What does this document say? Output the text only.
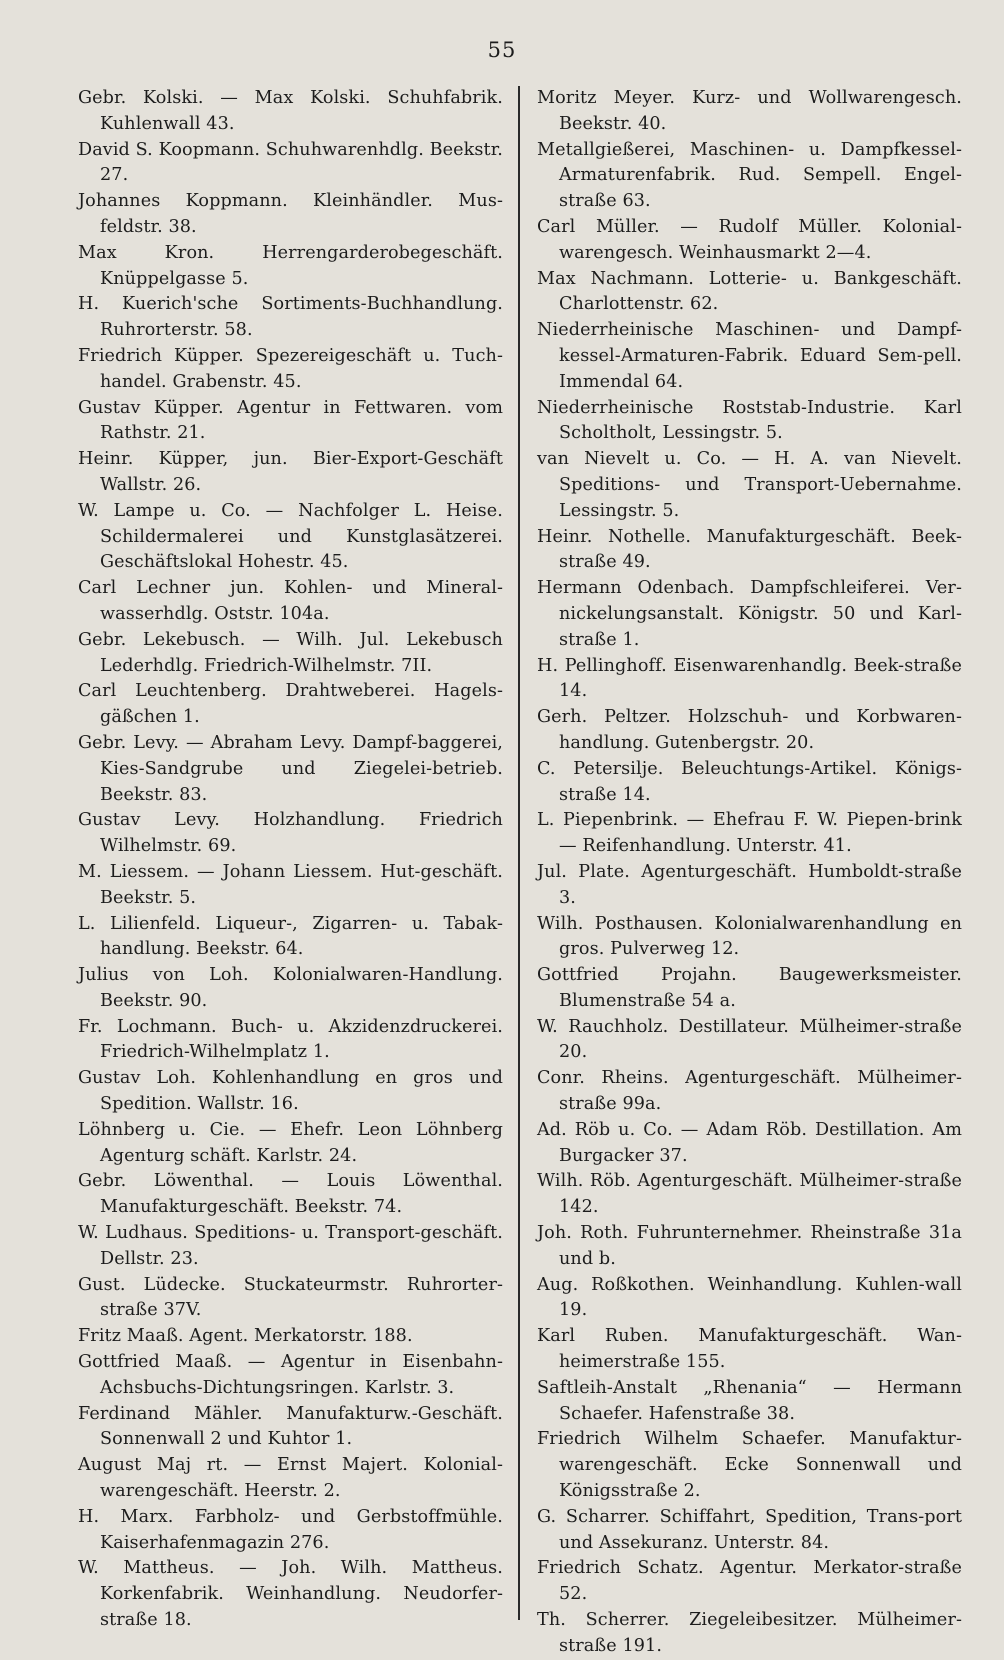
55

Gebr. Kolski. — Max Kolski. Schuhfabrik. Kuhlenwall 43.

David S. Koopmann. Schuhwarenhdlg. Beekstr. 27.

Johannes Koppmann. Kleinhändler. Mus-feldstr. 38.

Max Kron. Herrengarderobegeschäft. Knüppelgasse 5.

H. Kuerich'sche Sortiments-Buchhandlung. Ruhrorterstr. 58.

Friedrich Küpper. Spezereigeschäft u. Tuch-handel. Grabenstr. 45.

Gustav Küpper. Agentur in Fettwaren. vom Rathstr. 21.

Heinr. Küpper, jun. Bier-Export-Geschäft Wallstr. 26.

W. Lampe u. Co. — Nachfolger L. Heise. Schildermalerei und Kunstglasätzerei. Geschäftslokal Hohestr. 45.

Carl Lechner jun. Kohlen- und Mineral-wasserhdlg. Oststr. 104a.

Gebr. Lekebusch. — Wilh. Jul. Lekebusch Lederhdlg. Friedrich-Wilhelmstr. 7II.

Carl Leuchtenberg. Drahtweberei. Hagels-gäßchen 1.

Gebr. Levy. — Abraham Levy. Dampf-baggerei, Kies-Sandgrube und Ziegelei-betrieb. Beekstr. 83.

Gustav Levy. Holzhandlung. Friedrich Wilhelmstr. 69.

M. Liessem. — Johann Liessem. Hut-geschäft. Beekstr. 5.

L. Lilienfeld. Liqueur-, Zigarren- u. Tabak-handlung. Beekstr. 64.

Julius von Loh. Kolonialwaren-Handlung. Beekstr. 90.

Fr. Lochmann. Buch- u. Akzidenzdruckerei. Friedrich-Wilhelmplatz 1.

Gustav Loh. Kohlenhandlung en gros und Spedition. Wallstr. 16.

Löhnberg u. Cie. — Ehefr. Leon Löhnberg Agenturg schäft. Karlstr. 24.

Gebr. Löwenthal. — Louis Löwenthal. Manufakturgeschäft. Beekstr. 74.

W. Ludhaus. Speditions- u. Transport-geschäft. Dellstr. 23.

Gust. Lüdecke. Stuckateurmstr. Ruhrorter-straße 37V.

Fritz Maaß. Agent. Merkatorstr. 188.

Gottfried Maaß. — Agentur in Eisenbahn-Achsbuchs-Dichtungsringen. Karlstr. 3.

Ferdinand Mähler. Manufakturw.-Geschäft. Sonnenwall 2 und Kuhtor 1.

August Maj rt. — Ernst Majert. Kolonial-warengeschäft. Heerstr. 2.

H. Marx. Farbholz- und Gerbstoffmühle. Kaiserhafenmagazin 276.

W. Mattheus. — Joh. Wilh. Mattheus. Korkenfabrik. Weinhandlung. Neudorfer-straße 18.

Moritz Meyer. Kurz- und Wollwarengesch. Beekstr. 40.

Metallgießerei, Maschinen- u. Dampfkessel-Armaturenfabrik. Rud. Sempell. Engel-straße 63.

Carl Müller. — Rudolf Müller. Kolonial-warengesch. Weinhausmarkt 2—4.

Max Nachmann. Lotterie- u. Bankgeschäft. Charlottenstr. 62.

Niederrheinische Maschinen- und Dampf-kessel-Armaturen-Fabrik. Eduard Sem-pell. Immendal 64.

Niederrheinische Roststab-Industrie. Karl Scholtholt, Lessingstr. 5.

van Nievelt u. Co. — H. A. van Nievelt. Speditions- und Transport-Uebernahme. Lessingstr. 5.

Heinr. Nothelle. Manufakturgeschäft. Beek-straße 49.

Hermann Odenbach. Dampfschleiferei. Ver-nickelungsanstalt. Königstr. 50 und Karl-straße 1.

H. Pellinghoff. Eisenwarenhandlg. Beek-straße 14.

Gerh. Peltzer. Holzschuh- und Korbwaren-handlung. Gutenbergstr. 20.

C. Petersilje. Beleuchtungs-Artikel. Königs-straße 14.

L. Piepenbrink. — Ehefrau F. W. Piepen-brink — Reifenhandlung. Unterstr. 41.

Jul. Plate. Agenturgeschäft. Humboldt-straße 3.

Wilh. Posthausen. Kolonialwarenhandlung en gros. Pulverweg 12.

Gottfried Projahn. Baugewerksmeister. Blumenstraße 54 a.

W. Rauchholz. Destillateur. Mülheimer-straße 20.

Conr. Rheins. Agenturgeschäft. Mülheimer-straße 99a.

Ad. Röb u. Co. — Adam Röb. Destillation. Am Burgacker 37.

Wilh. Röb. Agenturgeschäft. Mülheimer-straße 142.

Joh. Roth. Fuhrunternehmer. Rheinstraße 31a und b.

Aug. Roßkothen. Weinhandlung. Kuhlen-wall 19.

Karl Ruben. Manufakturgeschäft. Wan-heimerstraße 155.

Saftleih-Anstalt „Rhenania“ — Hermann Schaefer. Hafenstraße 38.

Friedrich Wilhelm Schaefer. Manufaktur-warengeschäft. Ecke Sonnenwall und Königsstraße 2.

G. Scharrer. Schiffahrt, Spedition, Trans-port und Assekuranz. Unterstr. 84.

Friedrich Schatz. Agentur. Merkator-straße 52.

Th. Scherrer. Ziegeleibesitzer. Mülheimer-straße 191.
